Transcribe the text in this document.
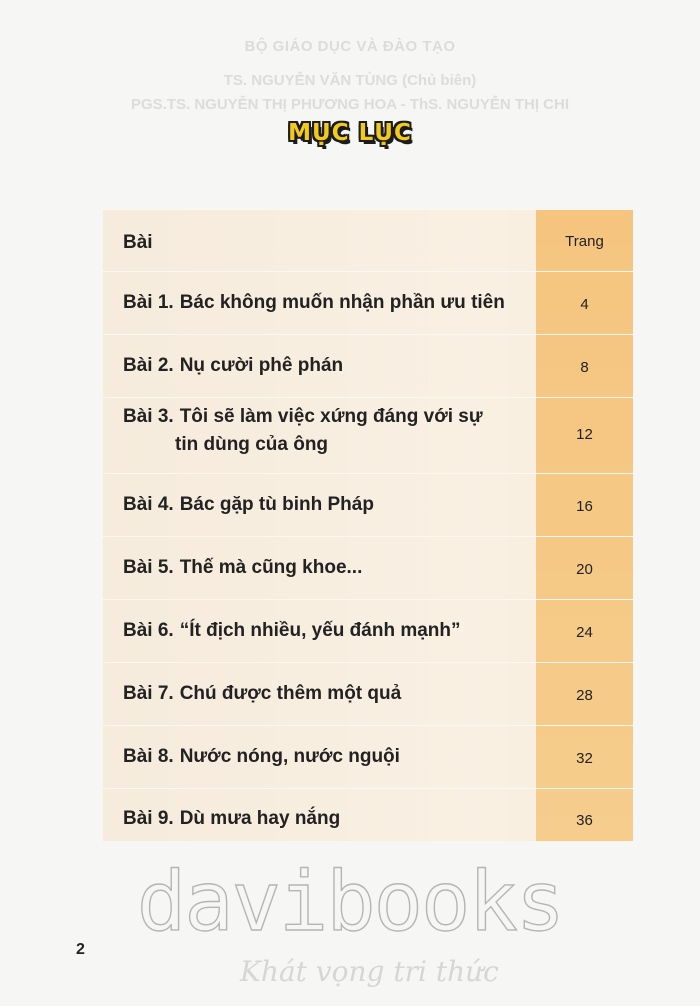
BỘ GIÁO DỤC VÀ ĐÀO TẠO
TS. NGUYỄN VĂN TÙNG (Chủ biên)
PGS.TS. NGUYỄN THỊ PHƯƠNG HOA - ThS. NGUYỄN THỊ CHI
MỤC LỤC
Bài	Trang
Bài 1. Bác không muốn nhận phần ưu tiên	4
Bài 2. Nụ cười phê phán	8
Bài 3. Tôi sẽ làm việc xứng đáng với sự
tin dùng của ông	12
Bài 4. Bác gặp tù binh Pháp	16
Bài 5. Thế mà cũng khoe...	20
Bài 6. “Ít địch nhiều, yếu đánh mạnh”	24
Bài 7. Chú được thêm một quả	28
Bài 8. Nước nóng, nước nguội	32
Bài 9. Dù mưa hay nắng	36
2 davibooks
Khát vọng tri thức
